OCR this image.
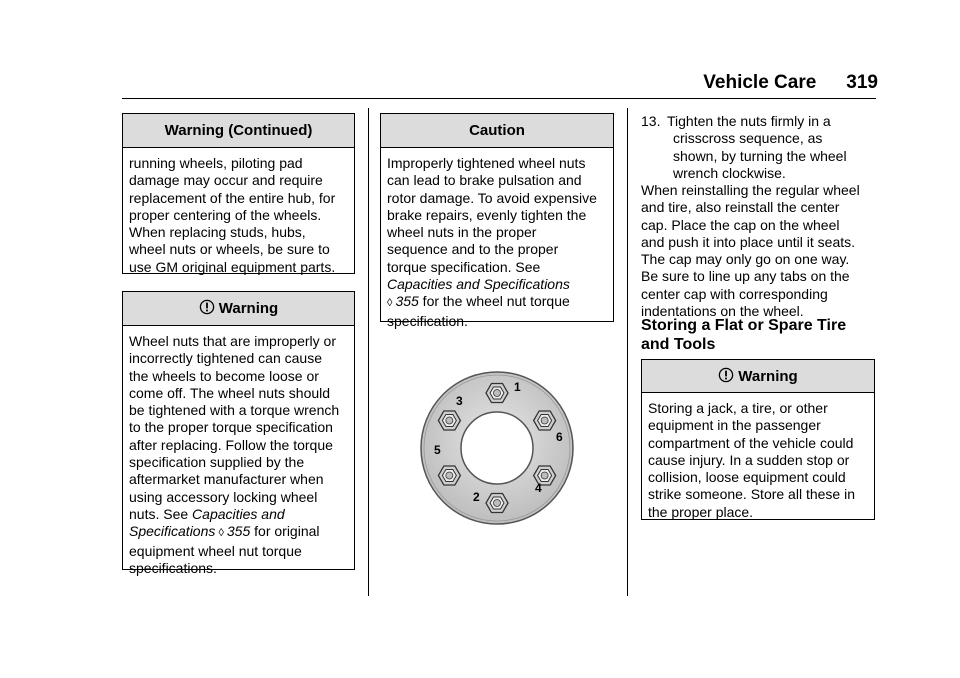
Vehicle Care 319
Warning (Continued)
running wheels, piloting pad
damage may occur and require
replacement of the entire hub, for
proper centering of the wheels.
When replacing studs, hubs,
wheel nuts or wheels, be sure to
use GM original equipment parts.
Warning
Wheel nuts that are improperly or
incorrectly tightened can cause
the wheels to become loose or
come off. The wheel nuts should
be tightened with a torque wrench
to the proper torque specification
after replacing. Follow the torque
specification supplied by the
aftermarket manufacturer when
using accessory locking wheel
nuts. See Capacities and
Specifications ◊ 355 for original
equipment wheel nut torque
specifications.
Caution
Improperly tightened wheel nuts
can lead to brake pulsation and
rotor damage. To avoid expensive
brake repairs, evenly tighten the
wheel nuts in the proper
sequence and to the proper
torque specification. See
Capacities and Specifications
◊ 355 for the wheel nut torque
specification.
1
2
3
4
5
6
13. Tighten the nuts firmly in a
crisscross sequence, as
shown, by turning the wheel
wrench clockwise.
When reinstalling the regular wheel
and tire, also reinstall the center
cap. Place the cap on the wheel
and push it into place until it seats.
The cap may only go on one way.
Be sure to line up any tabs on the
center cap with corresponding
indentations on the wheel.
Storing a Flat or Spare Tire
and Tools
Warning
Storing a jack, a tire, or other
equipment in the passenger
compartment of the vehicle could
cause injury. In a sudden stop or
collision, loose equipment could
strike someone. Store all these in
the proper place.
